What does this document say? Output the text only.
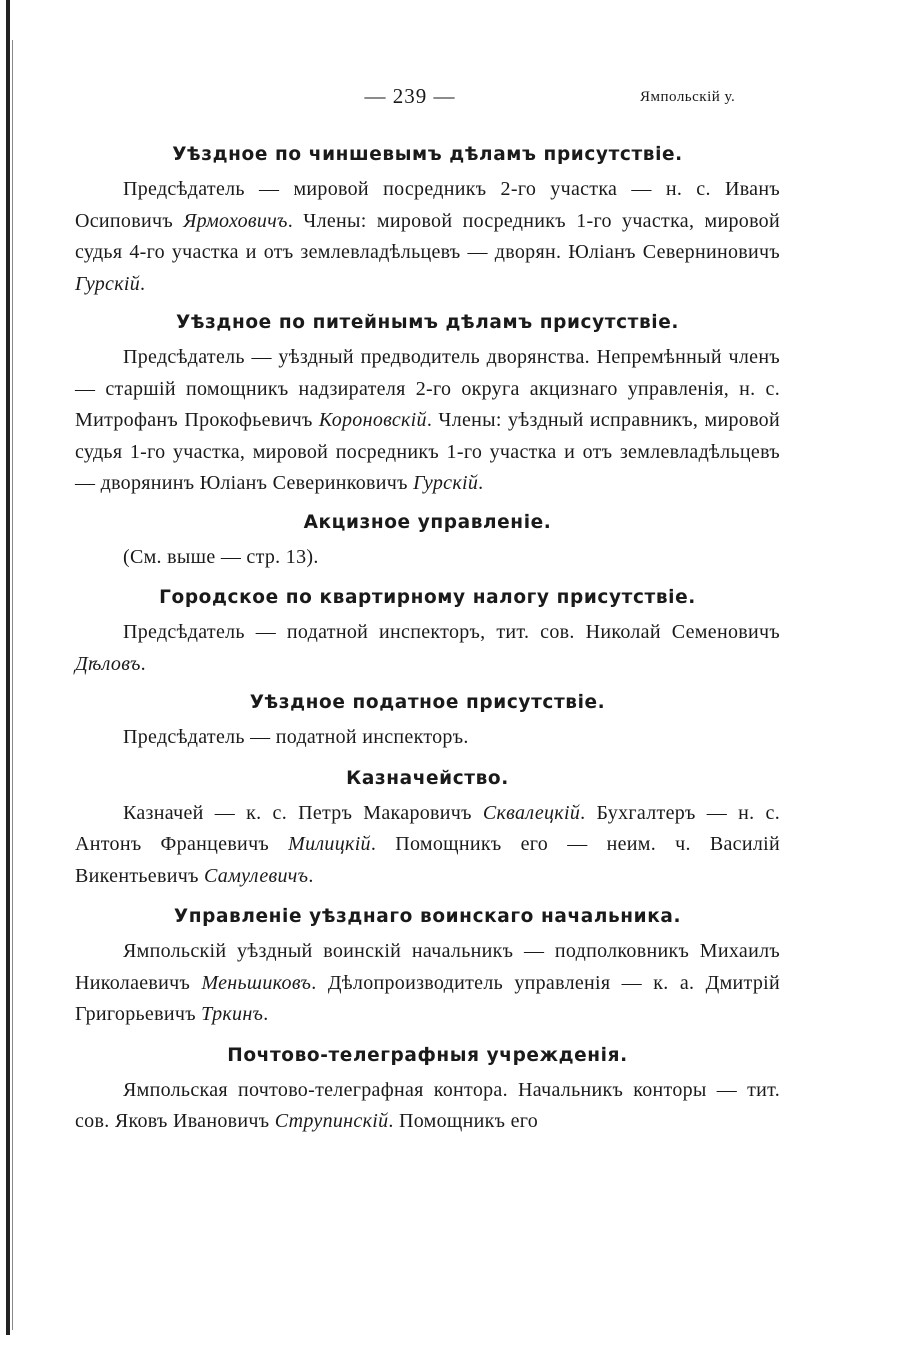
— 239 —	Ямпольскій у.
Уѣздное по чиншевымъ дѣламъ присутствіе.

Предсѣдатель — мировой посредникъ 2-го участка — н. с. Иванъ Осиповичъ Ярмоховичъ. Члены: мировой посредникъ 1-го участка, мировой судья 4-го участка и отъ землевладѣльцевъ — дворян. Юліанъ Северниновичъ Гурскій.

Уѣздное по питейнымъ дѣламъ присутствіе.

Предсѣдатель — уѣздный предводитель дворянства. Непремѣнный членъ — старшій помощникъ надзирателя 2-го округа акцизнаго управленія, н. с. Митрофанъ Прокофьевичъ Короновскій. Члены: уѣздный исправникъ, мировой судья 1-го участка, мировой посредникъ 1-го участка и отъ землевладѣльцевъ — дворянинъ Юліанъ Северинковичъ Гурскій.

Акцизное управленіе.

(См. выше — стр. 13).

Городское по квартирному налогу присутствіе.

Предсѣдатель — податной инспекторъ, тит. сов. Николай Семеновичъ Дѣловъ.

Уѣздное податное присутствіе.

Предсѣдатель — податной инспекторъ.

Казначейство.

Казначей — к. с. Петръ Макаровичъ Сквалецкій. Бухгалтеръ — н. с. Антонъ Францевичъ Милицкій. Помощникъ его — неим. ч. Василій Викентьевичъ Самулевичъ.

Управленіе уѣзднаго воинскаго начальника.

Ямпольскій уѣздный воинскій начальникъ — подполковникъ Михаилъ Николаевичъ Меньшиковъ. Дѣлопроизводитель управленія — к. а. Дмитрій Григорьевичъ Тркинъ.

Почтово-телеграфныя учрежденія.

Ямпольская почтово-телеграфная контора. Начальникъ конторы — тит. сов. Яковъ Ивановичъ Струпинскій. Помощникъ его
